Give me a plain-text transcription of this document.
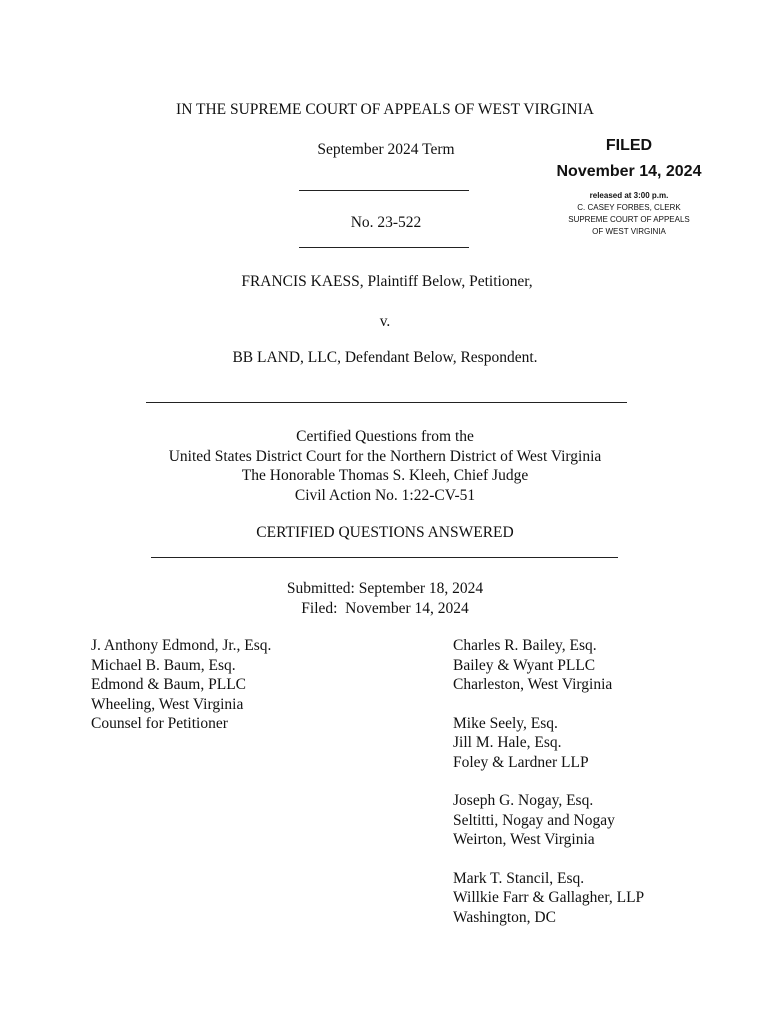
IN THE SUPREME COURT OF APPEALS OF WEST VIRGINIA
September 2024 Term
No. 23-522
FILED
November 14, 2024
released at 3:00 p.m.
C. CASEY FORBES, CLERK
SUPREME COURT OF APPEALS
OF WEST VIRGINIA
FRANCIS KAESS, Plaintiff Below, Petitioner,
v.
BB LAND, LLC, Defendant Below, Respondent.
Certified Questions from the
United States District Court for the Northern District of West Virginia
The Honorable Thomas S. Kleeh, Chief Judge
Civil Action No. 1:22-CV-51
CERTIFIED QUESTIONS ANSWERED
Submitted: September 18, 2024
Filed:  November 14, 2024
J. Anthony Edmond, Jr., Esq.
Michael B. Baum, Esq.
Edmond & Baum, PLLC
Wheeling, West Virginia
Counsel for Petitioner
Charles R. Bailey, Esq.
Bailey & Wyant PLLC
Charleston, West Virginia
Mike Seely, Esq.
Jill M. Hale, Esq.
Foley & Lardner LLP
Joseph G. Nogay, Esq.
Seltitti, Nogay and Nogay
Weirton, West Virginia
Mark T. Stancil, Esq.
Willkie Farr & Gallagher, LLP
Washington, DC
